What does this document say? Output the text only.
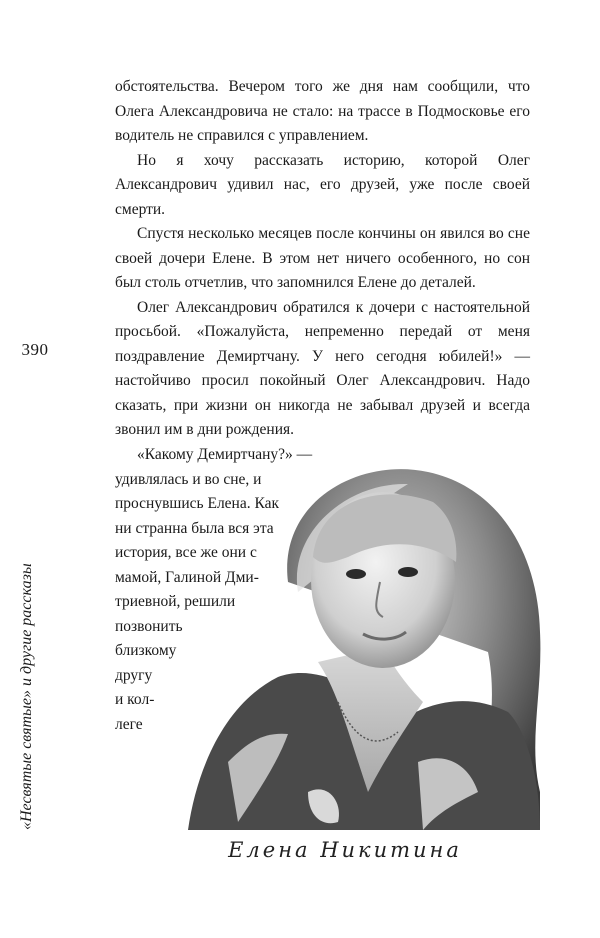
390
«Несвятые святые» и другие рассказы

обстоятельства. Вечером того же дня нам сообщили, что Олега Александровича не стало: на трассе в Подмосковье его водитель не справился с управлением.

Но я хочу рассказать историю, которой Олег Александрович удивил нас, его друзей, уже после своей смерти.

Спустя несколько месяцев после кончины он явился во сне своей дочери Елене. В этом нет ничего особенного, но сон был столь отчетлив, что запомнился Елене до деталей.

Олег Александрович обратился к дочери с настоятельной просьбой. «Пожалуйста, непременно передай от меня поздравление Демиртчану. У него сегодня юбилей!» — настойчиво просил покойный Олег Александрович. Надо сказать, при жизни он никогда не забывал друзей и всегда звонил им в дни рождения.

«Какому Демиртчану?» —
удивлялась и во сне, и
проснувшись Елена. Как
ни странна была вся эта
история, все же они с
мамой, Галиной Дми-
триевной, решили
позвонить
близкому
другу
и кол-
леге
Елена Никитина
